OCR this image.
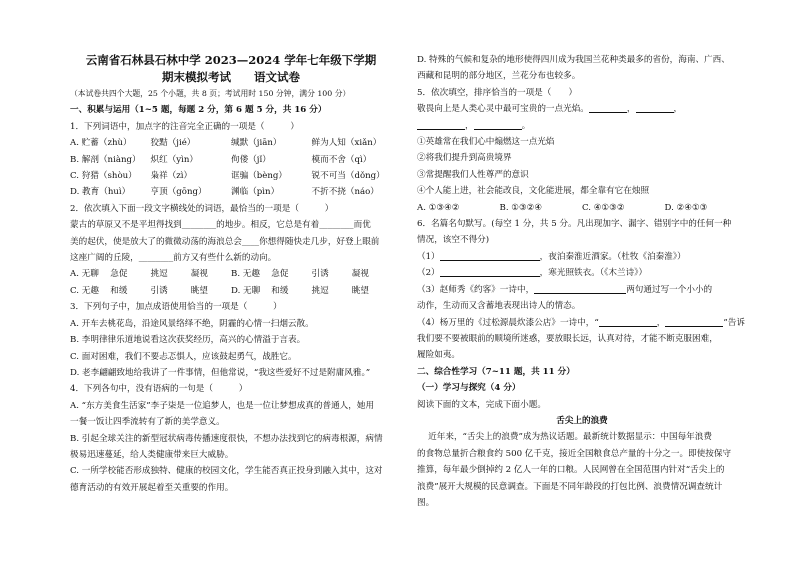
云南省石林县石林中学 2023—2024 学年七年级下学期
期末模拟考试　　语文试卷
（本试卷共四个大题，25 个小题，共 8 页；考试用时 150 分钟，满分 100 分）
一、积累与运用（1~5 题，每题 2 分，第 6 题 5 分，共 16 分）
1．下列词语中，加点字的注音完全正确的一项是（　　　）
A. 贮蓄（zhù）	狡黠（jié）	缄默（jiān）	鲜为人知（xiǎn）
B. 解剖（niàng）	炽红（yìn）	佝偻（jǐ）	模而不舍（qì）
C. 狩猎（shòu）	枭祥（zì）	诓骗（bèng）	锐不可当（dǒng）
D. 教育（huì）	亨顶（gōng）	渊临（pìn）	不折不挠（náo）
2．依次填入下面一段文字横线处的词语，最恰当的一项是（　　　）
蒙古的草原又不是平坦得找到________的地步。相反，它总是有着________而优
美的起伏，使是放大了的微微动荡的海浪总会____你想得随快走几步，好登上眼前
这座广阔的丘陵，________前方又有些什么新的动向。
A. 无聊	急促	挑逗	凝视	B. 无趣	急促	引诱	凝视
C. 无趣	和缓	引诱	眺望	D. 无聊	和缓	挑逗	眺望
3．下列句子中，加点成语使用恰当的一项是（　　　）
A. 开车去桃花岛，沿途风景络绎不绝，阴霾的心情一扫烟云散。
B. 李明律律乐道地说看这次获奖经历，高兴的心情溢于言表。
C. 面对困难，我们不要忐忑惧人，应该鼓起勇气，战胜它。
D. 老李翩翩致地给我讲了一件事情，但他常说，“我这些爱好不过是附庸风雅。”
4．下列各句中，没有语病的一句是（　　　）
A. “东方美食生活家”李子柒是一位追梦人，也是一位让梦想成真的普通人，她用
一餐一饭让四季流转有了新的美学意义。
B. 引起全球关注的新型冠状病毒传播速度很快，不想办法找到它的病毒根源，病情
极易迅速蔓延，给人类健康带来巨大威胁。
C. 一所学校能否形成独特、健康的校园文化，学生能否真正投身到融入其中，这对
德育活动的有效开展起着至关重要的作用。
D. 特殊的气候和复杂的地形使得四川成为我国兰花种类最多的省份，海南、广西、
西藏和昆明的部分地区，兰花分布也较多。
5．依次填空，排序恰当的一项是（　　）
敬畏向上是人类心灵中最可宝贵的一点光焰。	，	，
，	。
①英雄常在我们心中煽燃这一点光焰
②将我们提升到高贵境界
③常提醒我们人性尊严的意识
④个人能上进，社会能改良，文化能进展，都全靠有它在烛照
A. ①③④②	B. ①③②④	C. ④①③②	D. ②④①③
6．名篇名句默写。(每空 1 分，共 5 分。凡出现加字、漏字、错别字中的任何一种
情况，该空不得分)
（1）	，夜泊秦淮近酒家。（杜牧《泊秦淮》）
（2）	，寒光照铁衣。（《木兰诗》）
（3）赵师秀《约客》一诗中，	两句通过写一个小小的
动作，生动而又含蓄地表现出诗人的情态。
（4）杨万里的《过松源晨炊漆公店》一诗中，“	，	”告诉
我们要不要被眼前的顺境所迷惑，要放眼长远，认真对待，才能不断克服困难，
履险如夷。
二、综合性学习（7~11 题，共 11 分）
（一）学习与探究（4 分）
阅读下面的文本，完成下面小题。
舌尖上的浪费
近年来，“舌尖上的浪费”成为热议话题。最新统计数据显示：中国每年浪费
的食物总量折合粮食约 500 亿千克，接近全国粮食总产量的十分之一。即使按保守
推算，每年最少倒掉约 2 亿人一年的口粮。人民网曾在全国范围内针对“舌尖上的
浪费”展开大规模的民意调查。下面是不同年龄段的打包比例、浪费情况调查统计
图。
